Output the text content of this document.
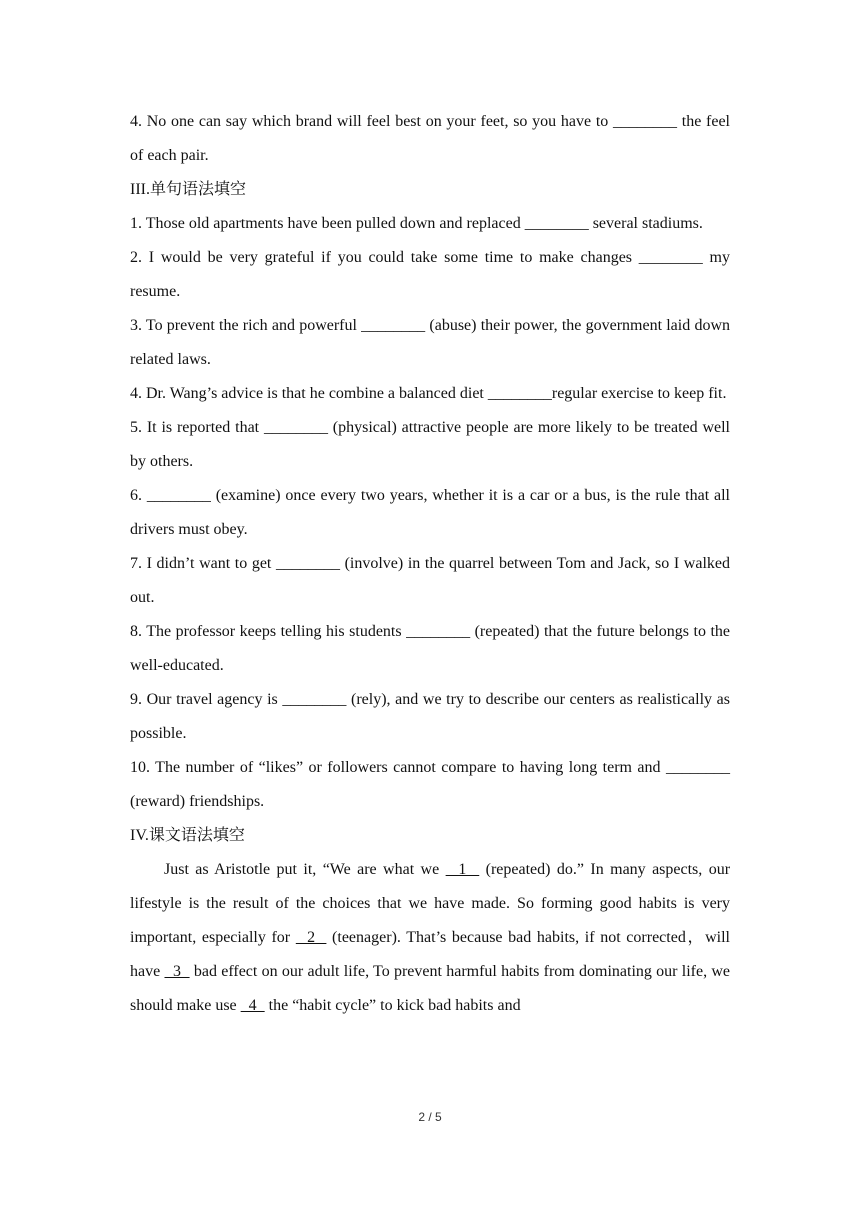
4. No one can say which brand will feel best on your feet, so you have to ________ the feel of each pair.

III.单句语法填空

1. Those old apartments have been pulled down and replaced ________ several stadiums.

2. I would be very grateful if you could take some time to make changes ________ my resume.

3. To prevent the rich and powerful ________ (abuse) their power, the government laid down related laws.

4. Dr. Wang’s advice is that he combine a balanced diet ________regular exercise to keep fit.

5. It is reported that ________ (physical) attractive people are more likely to be treated well by others.

6. ________ (examine) once every two years, whether it is a car or a bus, is the rule that all drivers must obey.

7. I didn’t want to get ________ (involve) in the quarrel between Tom and Jack, so I walked out.

8. The professor keeps telling his students ________ (repeated) that the future belongs to the well-educated.

9. Our travel agency is ________ (rely), and we try to describe our centers as realistically as possible.

10. The number of “likes” or followers cannot compare to having long term and ________ (reward) friendships.

IV.课文语法填空

Just as Aristotle put it, “We are what we   1   (repeated) do.” In many aspects, our lifestyle is the result of the choices that we have made. So forming good habits is very important, especially for   2   (teenager). That’s because bad habits, if not corrected，will have   3   bad effect on our adult life, To prevent harmful habits from dominating our life, we should make use   4   the “habit cycle” to kick bad habits and

2 / 5
